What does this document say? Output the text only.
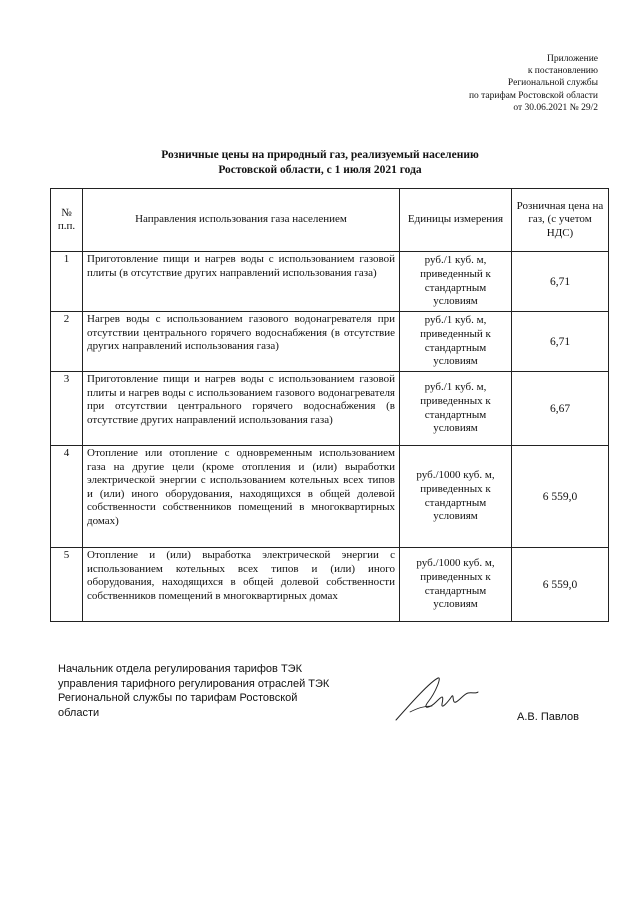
Приложение
к постановлению
Региональной службы
по тарифам Ростовской области
от 30.06.2021 № 29/2
Розничные цены на природный газ, реализуемый населению
Ростовской области, с 1 июля 2021 года
№ п.п.	Направления использования газа населением	Единицы измерения	Розничная цена на газ, (с учетом НДС)
1	Приготовление пищи и нагрев воды с использованием газовой плиты (в отсутствие других направлений использования газа)	руб./1 куб. м, приведенный к стандартным условиям	6,71
2	Нагрев воды с использованием газового водонагревателя при отсутствии центрального горячего водоснабжения (в отсутствие других направлений использования газа)	руб./1 куб. м, приведенный к стандартным условиям	6,71
3	Приготовление пищи и нагрев воды с использованием газовой плиты и нагрев воды с использованием газового водонагревателя при отсутствии центрального горячего водоснабжения (в отсутствие других направлений использования газа)	руб./1 куб. м, приведенных к стандартным условиям	6,67
4	Отопление или отопление с одновременным использованием газа на другие цели (кроме отопления и (или) выработки электрической энергии с использованием котельных всех типов и (или) иного оборудования, находящихся в общей долевой собственности собственников помещений в многоквартирных домах)	руб./1000 куб. м, приведенных к стандартным условиям	6 559,0
5	Отопление и (или) выработка электрической энергии с использованием котельных всех типов и (или) иного оборудования, находящихся в общей долевой собственности собственников помещений в многоквартирных домах	руб./1000 куб. м, приведенных к стандартным условиям	6 559,0
Начальник отдела регулирования тарифов ТЭК
управления тарифного регулирования отраслей ТЭК
Региональной службы по тарифам Ростовской
области	А.В. Павлов
